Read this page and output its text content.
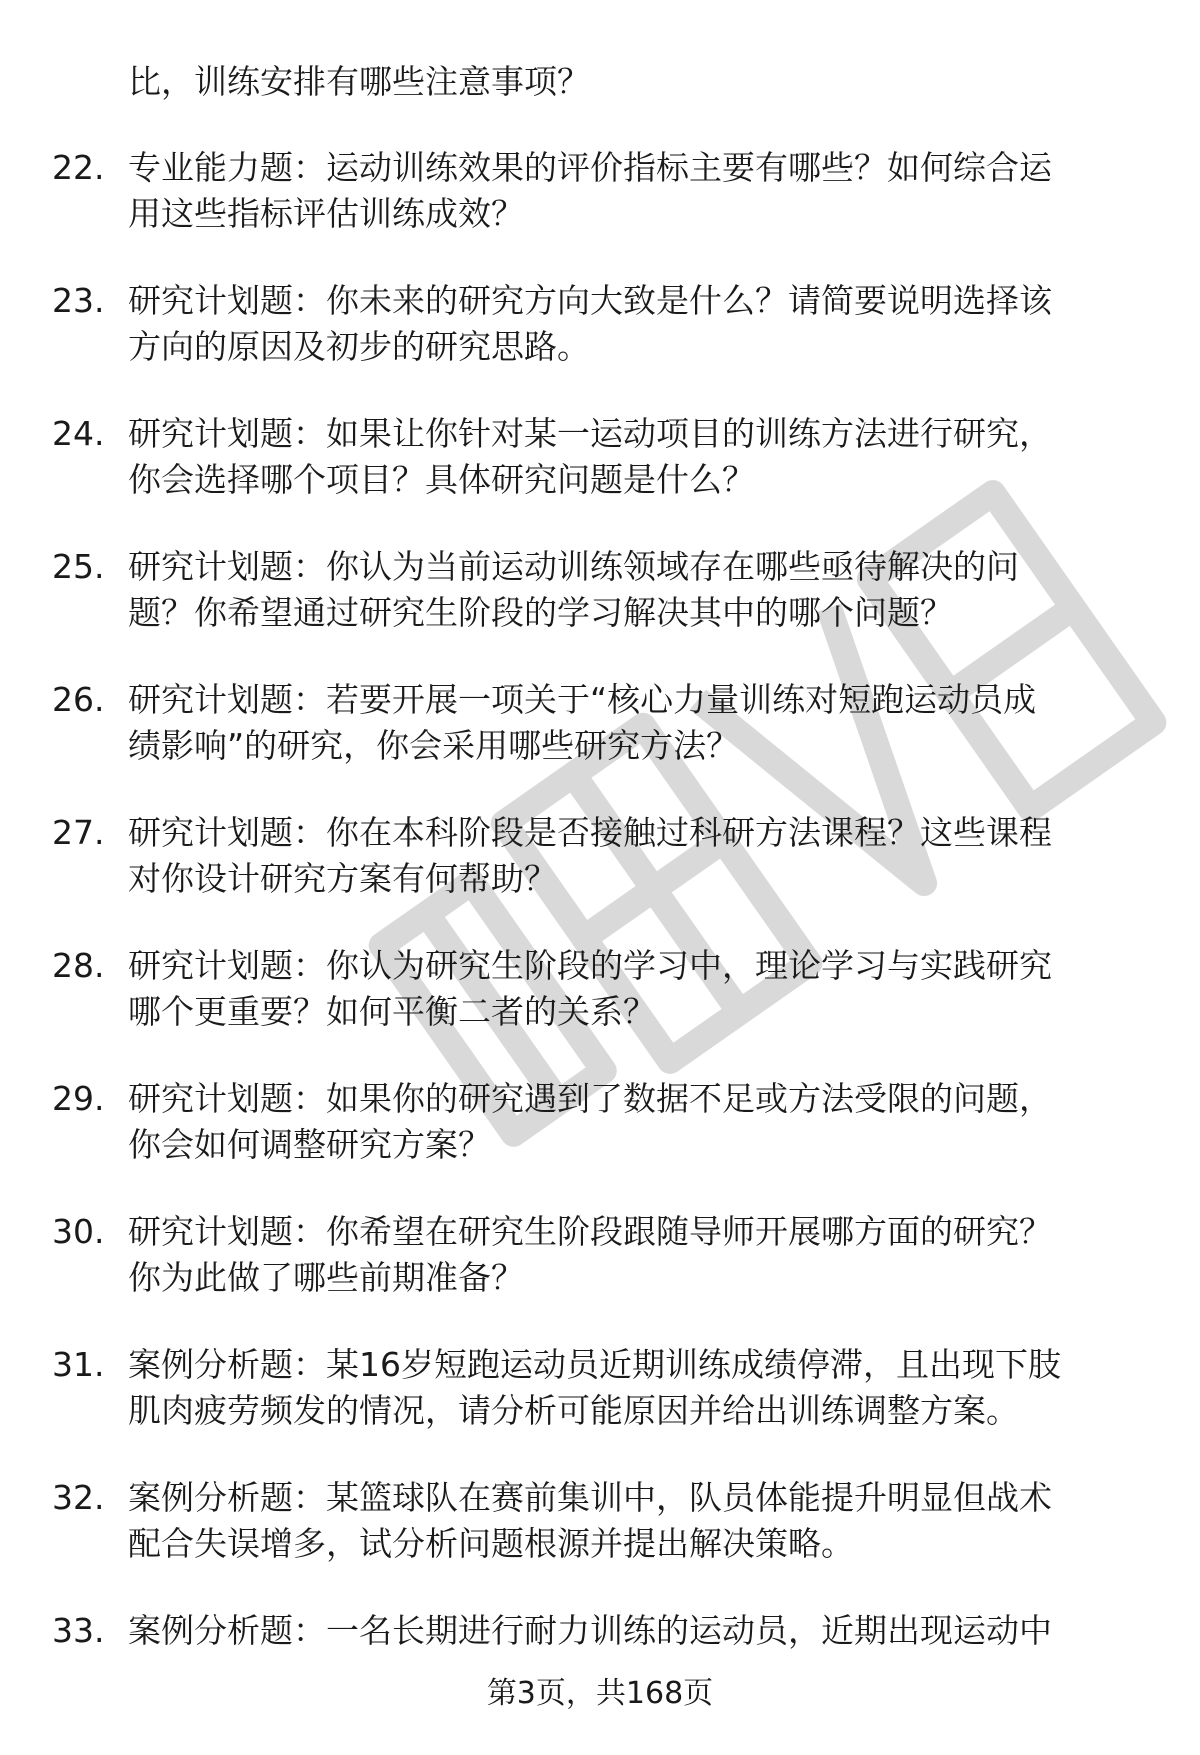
比，训练安排有哪些注意事项？
22. 专业能力题：运动训练效果的评价指标主要有哪些？如何综合运
用这些指标评估训练成效？
23. 研究计划题：你未来的研究方向大致是什么？请简要说明选择该
方向的原因及初步的研究思路。
24. 研究计划题：如果让你针对某一运动项目的训练方法进行研究，
你会选择哪个项目？具体研究问题是什么？
25. 研究计划题：你认为当前运动训练领域存在哪些亟待解决的问
题？你希望通过研究生阶段的学习解决其中的哪个问题？
26. 研究计划题：若要开展一项关于“核心力量训练对短跑运动员成
绩影响”的研究，你会采用哪些研究方法？
27. 研究计划题：你在本科阶段是否接触过科研方法课程？这些课程
对你设计研究方案有何帮助？
28. 研究计划题：你认为研究生阶段的学习中，理论学习与实践研究
哪个更重要？如何平衡二者的关系？
29. 研究计划题：如果你的研究遇到了数据不足或方法受限的问题，
你会如何调整研究方案？
30. 研究计划题：你希望在研究生阶段跟随导师开展哪方面的研究？
你为此做了哪些前期准备？
31. 案例分析题：某16岁短跑运动员近期训练成绩停滞，且出现下肢
肌肉疲劳频发的情况，请分析可能原因并给出训练调整方案。
32. 案例分析题：某篮球队在赛前集训中，队员体能提升明显但战术
配合失误增多，试分析问题根源并提出解决策略。
33. 案例分析题：一名长期进行耐力训练的运动员，近期出现运动中
第3页，共168页
